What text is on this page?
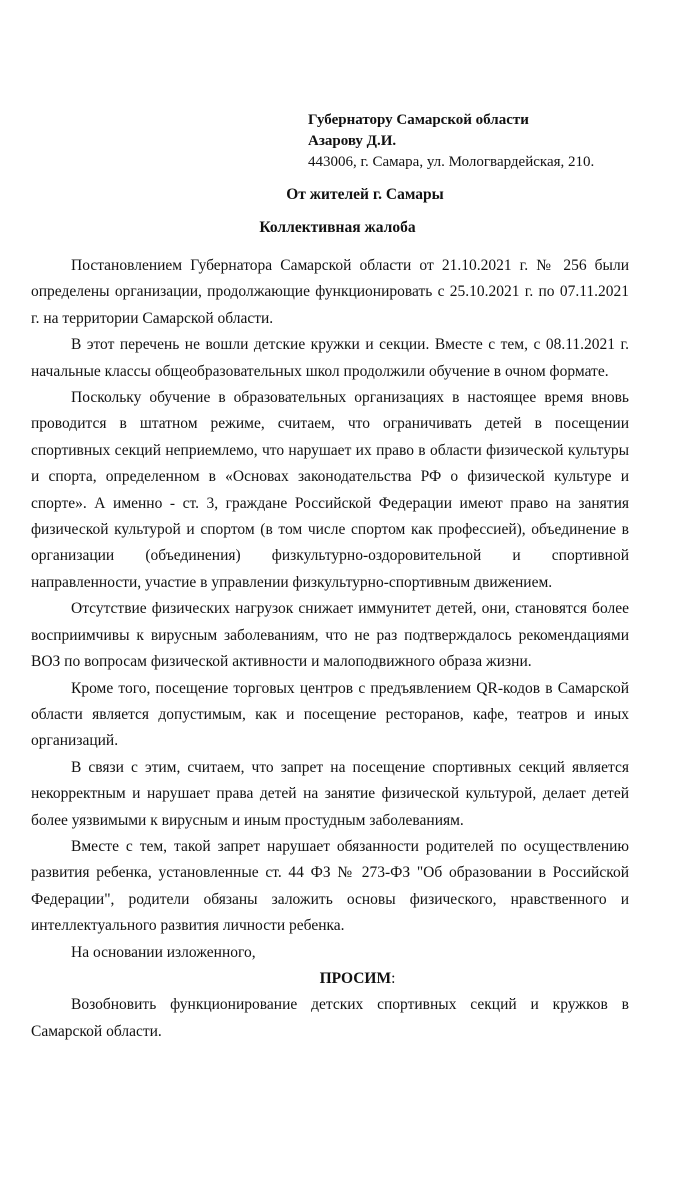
Губернатору Самарской области
Азарову Д.И.
443006, г. Самара, ул. Мологвардейская, 210.
От жителей г. Самары
Коллективная жалоба

Постановлением Губернатора Самарской области от 21.10.2021 г. № 256 были определены организации, продолжающие функционировать с 25.10.2021 г. по 07.11.2021 г. на территории Самарской области.

В этот перечень не вошли детские кружки и секции. Вместе с тем, с 08.11.2021 г. начальные классы общеобразовательных школ продолжили обучение в очном формате.

Поскольку обучение в образовательных организациях в настоящее время вновь проводится в штатном режиме, считаем, что ограничивать детей в посещении спортивных секций неприемлемо, что нарушает их право в области физической культуры и спорта, определенном в «Основах законодательства РФ о физической культуре и спорте». А именно - ст. 3, граждане Российской Федерации имеют право на занятия физической культурой и спортом (в том числе спортом как профессией), объединение в организации (объединения) физкультурно-оздоровительной и спортивной направленности, участие в управлении физкультурно-спортивным движением.

Отсутствие физических нагрузок снижает иммунитет детей, они, становятся более восприимчивы к вирусным заболеваниям, что не раз подтверждалось рекомендациями ВОЗ по вопросам физической активности и малоподвижного образа жизни.

Кроме того, посещение торговых центров с предъявлением QR-кодов в Самарской области является допустимым, как и посещение ресторанов, кафе, театров и иных организаций.

В связи с этим, считаем, что запрет на посещение спортивных секций является некорректным и нарушает права детей на занятие физической культурой, делает детей более уязвимыми к вирусным и иным простудным заболеваниям.

Вместе с тем, такой запрет нарушает обязанности родителей по осуществлению развития ребенка, установленные ст. 44 ФЗ № 273-ФЗ "Об образовании в Российской Федерации", родители обязаны заложить основы физического, нравственного и интеллектуального развития личности ребенка.

На основании изложенного,

ПРОСИМ:

Возобновить функционирование детских спортивных секций и кружков в Самарской области.
